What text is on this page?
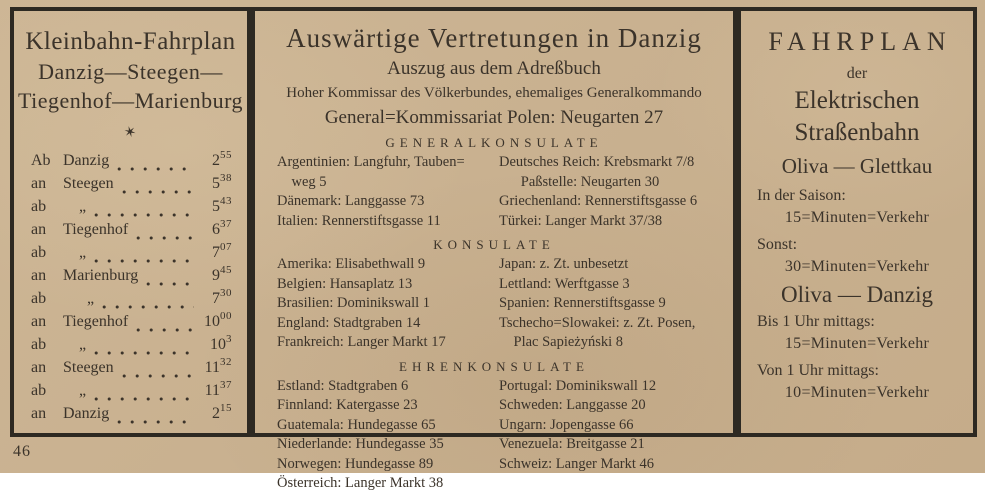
Kleinbahn-Fahrplan
Danzig—Steegen—
Tiegenhof—Marienburg
✶
Ab Danzig	$2^{55}$
an	Steegen	$5^{38}$
ab	 „	$5^{43}$
an	Tiegenhof	$6^{37}$
ab	 „	$7^{07}$
an	Marienburg	$9^{45}$
ab	  „	$7^{30}$
an	Tiegenhof	$10^{00}$
ab	 „	$10^3$
an	Steegen	$11^{32}$
ab	 „	$11^{37}$
an	Danzig	$2^{15}$
Auswärtige Vertretungen in Danzig
Auszug aus dem Adreßbuch
Hoher Kommissar des Völkerbundes, ehemaliges Generalkommando
General=Kommissariat Polen: Neugarten 27
GENERALKONSULATE
Argentinien: Langfuhr, Tauben=
 weg 5
Dänemark: Langgasse 73
Italien: Rennerstiftsgasse 11
Deutsches Reich: Krebsmarkt 7/8
  Paßstelle: Neugarten 30
Griechenland: Rennerstiftsgasse 6
Türkei: Langer Markt 37/38
KONSULATE
Amerika: Elisabethwall 9
Belgien: Hansaplatz 13
Brasilien: Dominikswall 1
England: Stadtgraben 14
Frankreich: Langer Markt 17
Japan: z. Zt. unbesetzt
Lettland: Werftgasse 3
Spanien: Rennerstiftsgasse 9
Tschecho=Slowakei: z. Zt. Posen,
 Plac Sapieżyński 8
EHRENKONSULATE
Estland: Stadtgraben 6
Finnland: Katergasse 23
Guatemala: Hundegasse 65
Niederlande: Hundegasse 35
Norwegen: Hundegasse 89
Österreich: Langer Markt 38
Portugal: Dominikswall 12
Schweden: Langgasse 20
Ungarn: Jopengasse 66
Venezuela: Breitgasse 21
Schweiz: Langer Markt 46
FAHRPLAN
der
Elektrischen
Straßenbahn
Oliva — Glettkau
In der Saison:
15=Minuten=Verkehr
Sonst:
30=Minuten=Verkehr
Oliva — Danzig
Bis 1 Uhr mittags:
15=Minuten=Verkehr
Von 1 Uhr mittags:
10=Minuten=Verkehr
46
